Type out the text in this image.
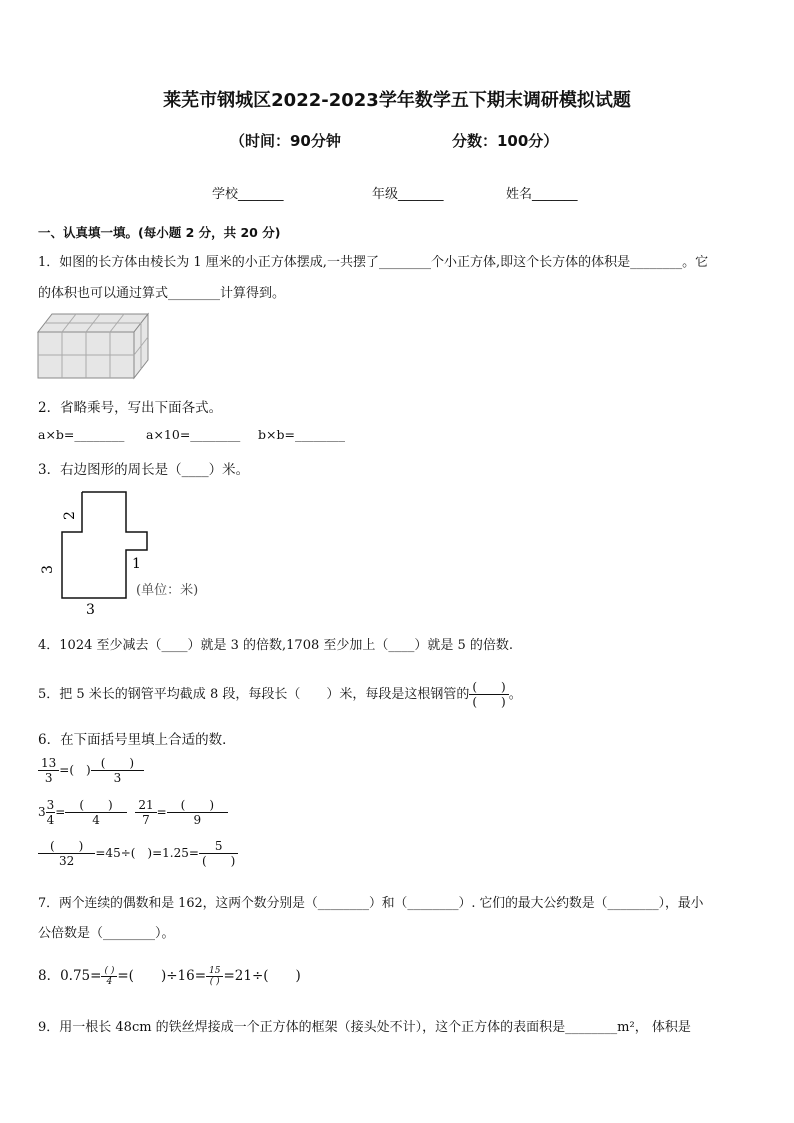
莱芜市钢城区2022-2023学年数学五下期末调研模拟试题
（时间：90分钟	分数：100分）
学校_______	年级_______	姓名_______
一、认真填一填。(每小题 2 分，共 20 分)
1．如图的长方体由棱长为 1 厘米的小正方体摆成,一共摆了________个小正方体,即这个长方体的体积是________。它
的体积也可以通过算式________计算得到。
2．省略乘号，写出下面各式。
a×b=________ a×10=________ b×b=________
3．右边图形的周长是（____）米。
2
3
3
1
(单位：米)
4．1024 至少减去（____）就是 3 的倍数,1708 至少加上（____）就是 5 的倍数.
5．把 5 米长的钢管平均截成 8 段，每段长（　　）米，每段是这根钢管的 $\frac{( )}{( )}$ 。
6．在下面括号里填上合适的数．
$\frac{13}{3}$ =(　) $\frac{( )}{3}$
$3 \frac{3}{4} = \frac{( )}{4}$
$\frac{21}{7} = \frac{( )}{9}$
$\frac{( )}{32} =45\div$(　)$=1.25= \frac{5}{( )}$
7．两个连续的偶数和是 162，这两个数分别是（________）和（________）. 它们的最大公约数是（________），最小
公倍数是（________）。
8．$0.75= \frac{( )}{4}$ =(　　)$\div 16= \frac{15}{( )} =21\div$(　　)
9．用一根长 48cm 的铁丝焊接成一个正方体的框架（接头处不计），这个正方体的表面积是________m²， 体积是
